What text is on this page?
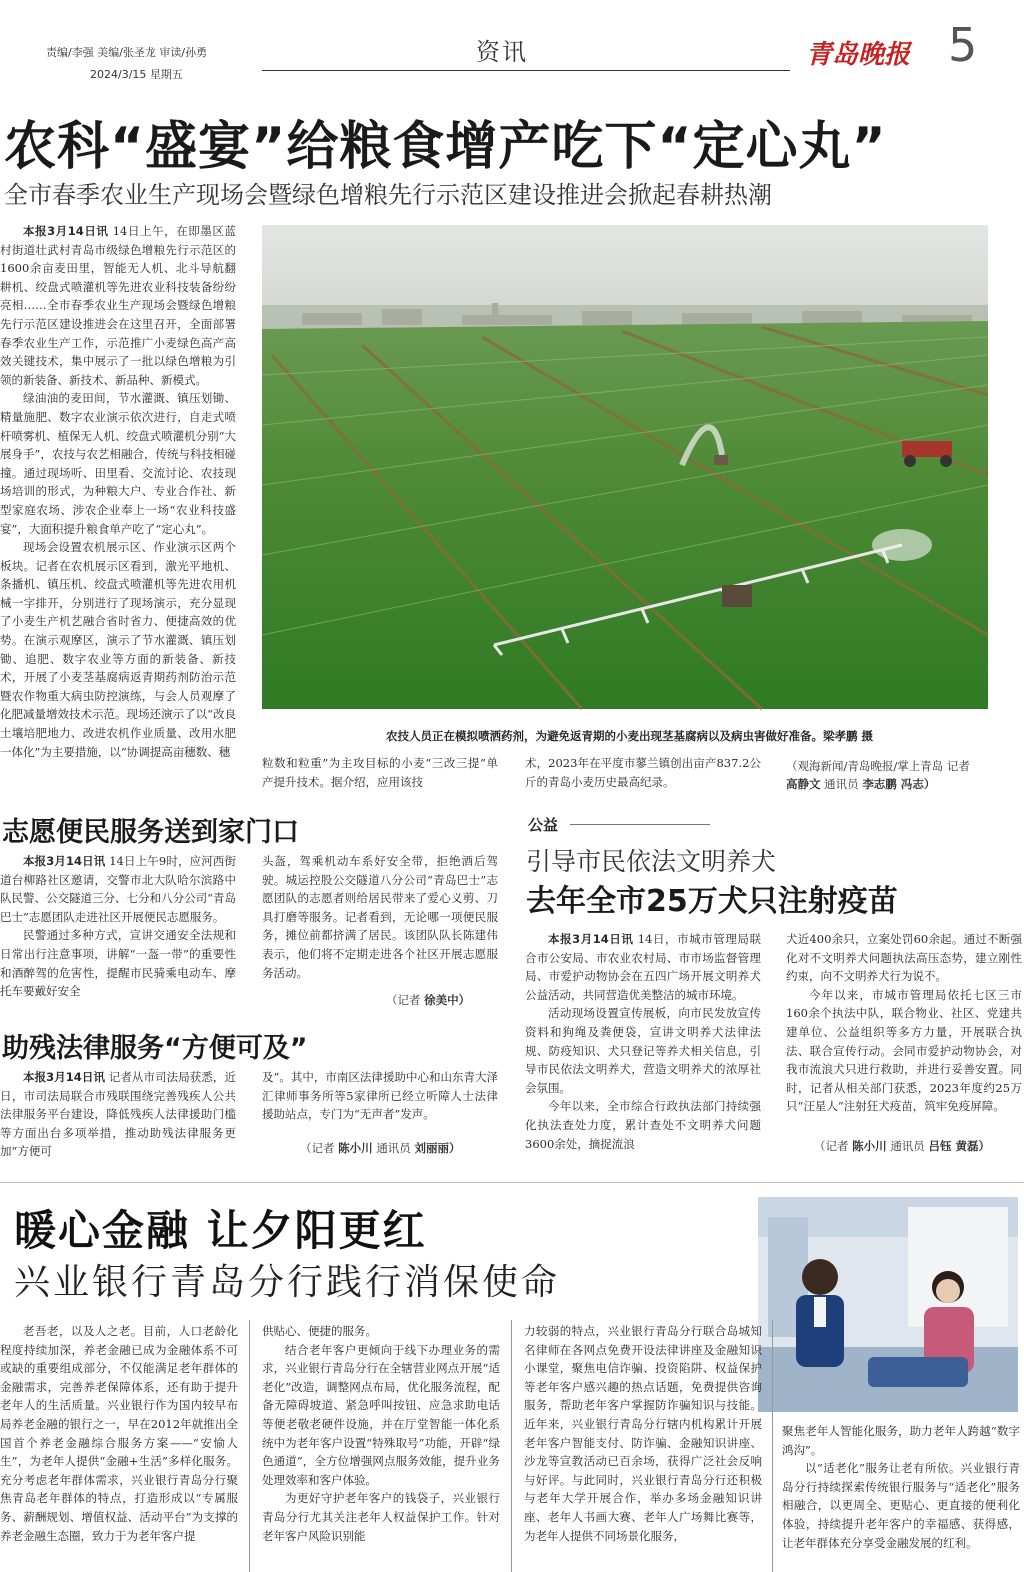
责编/李强 美编/张圣龙 审读/孙勇
2024/3/15 星期五
资讯	青岛晚报 5
农科“盛宴”给粮食增产吃下“定心丸”
全市春季农业生产现场会暨绿色增粮先行示范区建设推进会掀起春耕热潮

本报3月14日讯 14日上午，在即墨区蓝村街道壮武村青岛市级绿色增粮先行示范区的1600余亩麦田里，智能无人机、北斗导航翻耕机、绞盘式喷灌机等先进农业科技装备纷纷亮相……全市春季农业生产现场会暨绿色增粮先行示范区建设推进会在这里召开，全面部署春季农业生产工作，示范推广小麦绿色高产高效关键技术，集中展示了一批以绿色增粮为引领的新装备、新技术、新品种、新模式。

绿油油的麦田间，节水灌溉、镇压划锄、精量施肥、数字农业演示依次进行，自走式喷杆喷雾机、植保无人机、绞盘式喷灌机分别“大展身手”，农技与农艺相融合，传统与科技相碰撞。通过现场听、田里看、交流讨论、农技现场培训的形式，为种粮大户、专业合作社、新型家庭农场、涉农企业奉上一场“农业科技盛宴”，大面积提升粮食单产吃了“定心丸”。

现场会设置农机展示区、作业演示区两个板块。记者在农机展示区看到，激光平地机、条播机、镇压机、绞盘式喷灌机等先进农用机械一字排开，分别进行了现场演示，充分显现了小麦生产机艺融合省时省力、便捷高效的优势。在演示观摩区，演示了节水灌溉、镇压划锄、追肥、数字农业等方面的新装备、新技术，开展了小麦茎基腐病返青期药剂防治示范暨农作物重大病虫防控演练，与会人员观摩了化肥减量增效技术示范。现场还演示了以“改良土壤培肥地力、改进农机作业质量、改用水肥一体化”为主要措施，以“协调提高亩穗数、穗

农技人员正在模拟喷洒药剂，为避免返青期的小麦出现茎基腐病以及病虫害做好准备。梁孝鹏 摄
粒数和粒重”为主攻目标的小麦“三改三提”单产提升技术。据介绍，应用该技
术，2023年在平度市蓼兰镇创出亩产837.2公斤的青岛小麦历史最高纪录。
（观海新闻/青岛晚报/掌上青岛 记者
高静文 通讯员 李志鹏 冯志）
志愿便民服务送到家门口

本报3月14日讯 14日上午9时，应河西街道台柳路社区邀请，交警市北大队哈尔滨路中队民警、公交隧道三分、七分和八分公司“青岛巴士”志愿团队走进社区开展便民志愿服务。

民警通过多种方式，宣讲交通安全法规和日常出行注意事项，讲解“一盔一带”的重要性和酒醉驾的危害性，提醒市民骑乘电动车、摩托车要戴好安全

头盔，驾乘机动车系好安全带，拒绝酒后驾驶。城运控股公交隧道八分公司“青岛巴士”志愿团队的志愿者则给居民带来了爱心义剪、刀具打磨等服务。记者看到，无论哪一项便民服务，摊位前都挤满了居民。该团队队长陈建伟表示，他们将不定期走进各个社区开展志愿服务活动。
（记者 徐美中）
助残法律服务“方便可及”

本报3月14日讯 记者从市司法局获悉，近日，市司法局联合市残联围绕完善残疾人公共法律服务平台建设，降低残疾人法律援助门槛等方面出台多项举措，推动助残法律服务更加“方便可

及”。其中，市南区法律援助中心和山东青大泽汇律师事务所等5家律所已经立听障人士法律援助站点，专门为“无声者”发声。
（记者 陈小川 通讯员 刘丽丽）
公益
引导市民依法文明养犬
去年全市25万犬只注射疫苗

本报3月14日讯 14日，市城市管理局联合市公安局、市农业农村局、市市场监督管理局、市爱护动物协会在五四广场开展文明养犬公益活动，共同营造优美整洁的城市环境。

活动现场设置宣传展板，向市民发放宣传资料和狗绳及粪便袋，宣讲文明养犬法律法规、防疫知识、犬只登记等养犬相关信息，引导市民依法文明养犬，营造文明养犬的浓厚社会氛围。

今年以来，全市综合行政执法部门持续强化执法查处力度，累计查处不文明养犬问题3600余处，摘捉流浪

犬近400余只，立案处罚60余起。通过不断强化对不文明养犬问题执法高压态势，建立刚性约束，向不文明养犬行为说不。

今年以来，市城市管理局依托七区三市160余个执法中队，联合物业、社区、党建共建单位、公益组织等多方力量，开展联合执法、联合宣传行动。会同市爱护动物协会，对我市流浪犬只进行救助，并进行妥善安置。同时，记者从相关部门获悉，2023年度约25万只“汪星人”注射狂犬疫苗，筑牢免疫屏障。

（记者 陈小川 通讯员 吕钰 黄磊）
暖心金融 让夕阳更红
兴业银行青岛分行践行消保使命

老吾老，以及人之老。目前，人口老龄化程度持续加深，养老金融已成为金融体系不可或缺的重要组成部分，不仅能满足老年群体的金融需求，完善养老保障体系，还有助于提升老年人的生活质量。兴业银行作为国内较早布局养老金融的银行之一，早在2012年就推出全国首个养老金融综合服务方案——“安愉人生”，为老年人提供“金融+生活”多样化服务。充分考虑老年群体需求，兴业银行青岛分行聚焦青岛老年群体的特点，打造形成以“专属服务、薪酬规划、增值权益、活动平台”为支撑的养老金融生态圈，致力于为老年客户提

供贴心、便捷的服务。

结合老年客户更倾向于线下办理业务的需求，兴业银行青岛分行在全辖营业网点开展“适老化”改造，调整网点布局，优化服务流程，配备无障碍坡道、紧急呼叫按钮、应急求助电话等便老敬老硬件设施，并在厅堂智能一体化系统中为老年客户设置“特殊取号”功能，开辟“绿色通道”，全方位增强网点服务效能，提升业务处理效率和客户体验。

为更好守护老年客户的钱袋子，兴业银行青岛分行尤其关注老年人权益保护工作。针对老年客户风险识别能

力较弱的特点，兴业银行青岛分行联合岛城知名律师在各网点免费开设法律讲座及金融知识小课堂，聚焦电信诈骗、投资陷阱、权益保护等老年客户感兴趣的热点话题，免费提供咨询服务，帮助老年客户掌握防诈骗知识与技能。近年来，兴业银行青岛分行辖内机构累计开展老年客户智能支付、防诈骗、金融知识讲座、沙龙等宣教活动已百余场，获得广泛社会反响与好评。与此同时，兴业银行青岛分行还积极与老年大学开展合作，举办多场金融知识讲座、老年人书画大赛、老年人广场舞比赛等，为老年人提供不同场景化服务，

聚焦老年人智能化服务，助力老年人跨越“数字鸿沟”。

以“适老化”服务让老有所依。兴业银行青岛分行持续探索传统银行服务与“适老化”服务相融合，以更周全、更贴心、更直接的便利化体验，持续提升老年客户的幸福感、获得感，让老年群体充分享受金融发展的红利。
